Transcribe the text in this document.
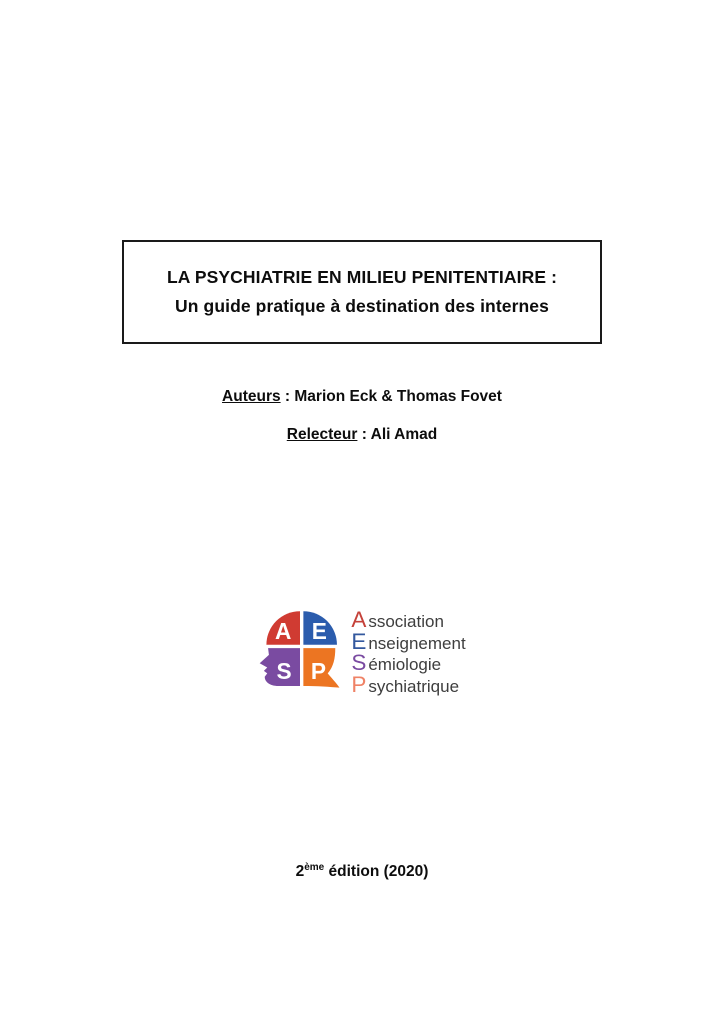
LA PSYCHIATRIE EN MILIEU PENITENTIAIRE :
Un guide pratique à destination des internes
Auteurs : Marion Eck & Thomas Fovet
Relecteur : Ali Amad
A E
S P
A ssociation
E nseignement
S émiologie
P sychiatrique
2ème édition (2020)
